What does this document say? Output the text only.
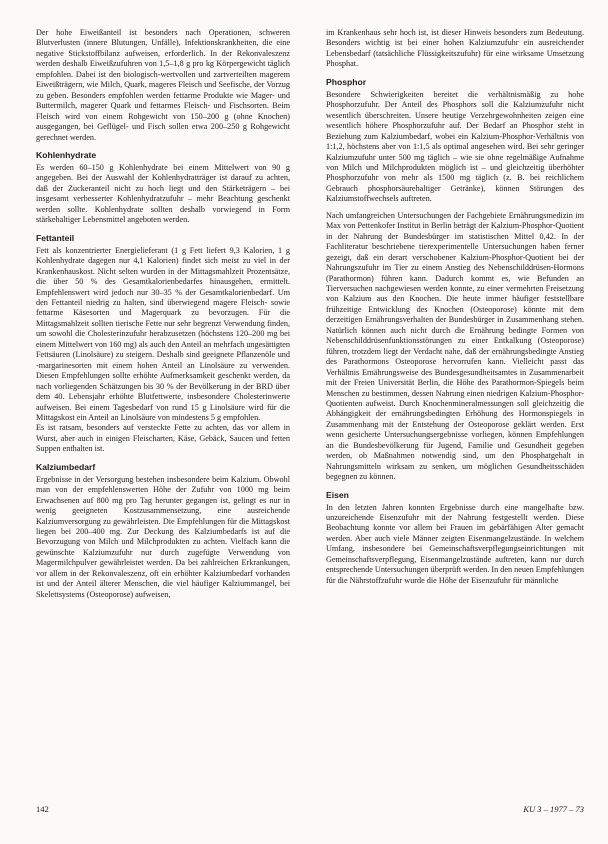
Der hohe Eiweißanteil ist besonders nach Operationen, schweren Blutverlusten (innere Blutungen, Unfälle), Infektionskrankheiten, die eine negative Stickstoffbilanz aufweisen, erforderlich. In der Rekonvaleszenz werden deshalb Eiweißzufuhren von 1,5–1,8 g pro kg Körpergewicht täglich empfohlen. Dabei ist den biologisch-wertvollen und zartverteilten magerem Eiweißträgern, wie Milch, Quark, mageres Fleisch und Seefische, der Vorzug zu geben. Besonders empfohlen werden fettarme Produkte wie Mager- und Buttermilch, magerer Quark und fettarmes Fleisch- und Fischsorten. Beim Fleisch wird von einem Rohgewicht von 150–200 g (ohne Knochen) ausgegangen, bei Geflügel- und Fisch sollen etwa 200–250 g Rohgewicht gerechnet werden.

Kohlenhydrate

Es werden 60–150 g Kohlenhydrate bei einem Mittelwert von 90 g angegeben. Bei der Auswahl der Kohlenhydratträger ist darauf zu achten, daß der Zuckeranteil nicht zu hoch liegt und den Stärketrägern – bei insgesamt verbesserter Kohlenhydratzufuhr – mehr Beachtung geschenkt werden sollte. Kohlenhydrate sollten deshalb vorwiegend in Form stärkehaltiger Lebensmittel angeboten werden.

Fettanteil

Fett als konzentrierter Energielieferant (1 g Fett liefert 9,3 Kalorien, 1 g Kohlenhydrate dagegen nur 4,1 Kalorien) findet sich meist zu viel in der Krankenhauskost. Nicht selten wurden in der Mittagsmahlzeit Prozentsätze, die über 50 % des Gesamtkalorienbedarfes hinausgehen, ermittelt. Empfehlenswert wird jedoch nur 30–35 % der Gesamtkalorienbedarf. Um den Fettanteil niedrig zu halten, sind überwiegend magere Fleisch- sowie fettarme Käsesorten und Magerquark zu bevorzugen. Für die Mittagsmahlzeit sollten tierische Fette nur sehr begrenzt Verwendung finden, um sowohl die Cholesterinzufuhr herabzusetzen (höchstens 120–200 mg bei einem Mittelwert von 160 mg) als auch den Anteil an mehrfach ungesättigten Fettsäuren (Linolsäure) zu steigern. Deshalb sind geeignete Pflanzenöle und -margarinesorten mit einem hohen Anteil an Linolsäure zu verwenden. Diesen Empfehlungen sollte erhöhte Aufmerksamkeit geschenkt werden, da nach vorliegenden Schätzungen bis 30 % der Bevölkerung in der BRD über dem 40. Lebensjahr erhöhte Blutfettwerte, insbesondere Cholesterinwerte aufweisen. Bei einem Tagesbedarf von rund 15 g Linolsäure wird für die Mittagskost ein Anteil an Linolsäure von mindestens 5 g empfohlen.

Es ist ratsam, besonders auf versteckte Fette zu achten, das vor allem in Wurst, aber auch in einigen Fleischarten, Käse, Gebäck, Saucen und fetten Suppen enthalten ist.

Kalziumbedarf

Ergebnisse in der Versorgung bestehen insbesondere beim Kalzium. Obwohl man von der empfehlenswerten Höhe der Zufuhr von 1000 mg beim Erwachsenen auf 800 mg pro Tag herunter gegangen ist, gelingt es nur in wenig geeigneten Kostzusammensetzung, eine ausreichende Kalziumversorgung zu gewährleisten. Die Empfehlungen für die Mittagskost liegen bei 200–400 mg. Zur Deckung des Kalziumbedarfs ist auf die Bevorzugung von Milch und Milchprodukten zu achten. Vielfach kann die gewünschte Kalziumzufuhr nur durch zugefügte Verwendung von Magermilchpulver gewährleistet werden. Da bei zahlreichen Erkrankungen, vor allem in der Rekonvaleszenz, oft ein erhöhter Kalziumbedarf vorhanden ist und der Anteil älterer Menschen, die viel häufiger Kalziummangel, bei Skelettsystems (Osteoporose) aufweisen,

im Krankenhaus sehr hoch ist, ist dieser Hinweis besonders zum Bedeutung. Besonders wichtig ist bei einer hohen Kalziumzufuhr ein ausreichender Lebensbedarf (tatsächliche Flüssigkeitszufuhr) für eine wirksame Umsetzung Phosphat.

Phosphor

Besondere Schwierigkeiten bereitet die verhältnismäßig zu hohe Phosphorzufuhr. Der Anteil des Phosphors soll die Kalziumzufuhr nicht wesentlich überschreiten. Unsere heutige Verzehrgewohnheiten zeigen eine wesentlich höhere Phosphorzufuhr auf. Der Bedarf an Phosphor steht in Beziehung zum Kalziumbedarf, wobei ein Kalzium-Phosphor-Verhältnis von 1:1,2, höchstens aber von 1:1,5 als optimal angesehen wird. Bei sehr geringer Kalziumzufuhr unter 500 mg täglich – wie sie ohne regelmäßige Aufnahme von Milch und Milchprodukten möglich ist – und gleichzeitig überhöhter Phosphorzufuhr von mehr als 1500 mg täglich (z. B. bei reichlichem Gebrauch phosphorsäurehaltiger Getränke), können Störungen des Kalziumstoffwechsels auftreten.

Nach umfangreichen Untersuchungen der Fachgebiete Ernährungsmedizin im Max von Pettenkofer Institut in Berlin beträgt der Kalzium-Phosphor-Quotient in der Nahrung der Bundesbürger im statistischen Mittel 0,42. In der Fachliteratur beschriebene tierexperimentelle Untersuchungen haben ferner gezeigt, daß ein derart verschobener Kalzium-Phosphor-Quotient bei der Nahrungszufuhr im Tier zu einem Anstieg des Nebenschilddrüsen-Hormons (Parathormon) führen kann. Dadurch kommt es, wie Befunden an Tierversuchen nachgewiesen werden konnte, zu einer vermehrten Freisetzung von Kalzium aus den Knochen. Die heute immer häufiger feststellbare frühzeitige Entwicklung des Knochen (Osteoporose) könnte mit dem derzeitigen Ernährungsverhalten der Bundesbürger in Zusammenhang stehen. Natürlich können auch nicht durch die Ernährung bedingte Formen von Nebenschilddrüsenfunktionsstörungen zu einer Entkalkung (Osteoporose) führen, trotzdem liegt der Verdacht nahe, daß der ernährungsbedingte Anstieg des Parathormons Osteoporose hervorrufen kann. Vielleicht passt das Verhältnis Ernährungsweise des Bundesgesundheitsamtes in Zusammenarbeit mit der Freien Universität Berlin, die Höhe des Parathormon-Spiegels beim Menschen zu bestimmen, dessen Nahrung einen niedrigen Kalzium-Phosphor-Quotienten aufweist. Durch Knochenmineralmessungen soll gleichzeitig die Abhängigkeit der ernährungsbedingten Erhöhung des Hormonspiegels in Zusammenhang mit der Entstehung der Osteoporose geklärt werden. Erst wenn gesicherte Untersuchungsergebnisse vorliegen, können Empfehlungen an die Bundesbevölkerung für Jugend, Familie und Gesundheit gegeben werden, ob Maßnahmen notwendig sind, um den Phosphatgehalt in Nahrungsmitteln wirksam zu senken, um möglichen Gesundheitsschäden begegnen zu können.

Eisen

In den letzten Jahren konnten Ergebnisse durch eine mangelhafte bzw. unzureichende Eisenzufuhr mit der Nahrung festgestellt werden. Diese Beobachtung konnte vor allem bei Frauen im gebärfähigen Alter gemacht werden. Aber auch viele Männer zeigten Eisenmangelzustände. In welchem Umfang, insbesondere bei Gemeinschaftsverpflegungseinrichtungen mit Gemeinschaftsverpflegung, Eisenmangelzustände auftreten, kann nur durch entsprechende Untersuchungen überprüft werden. In den neuen Empfehlungen für die Nährstoffzufuhr wurde die Höhe der Eisenzufuhr für männliche

142	KU 3 – 1977 – 73
